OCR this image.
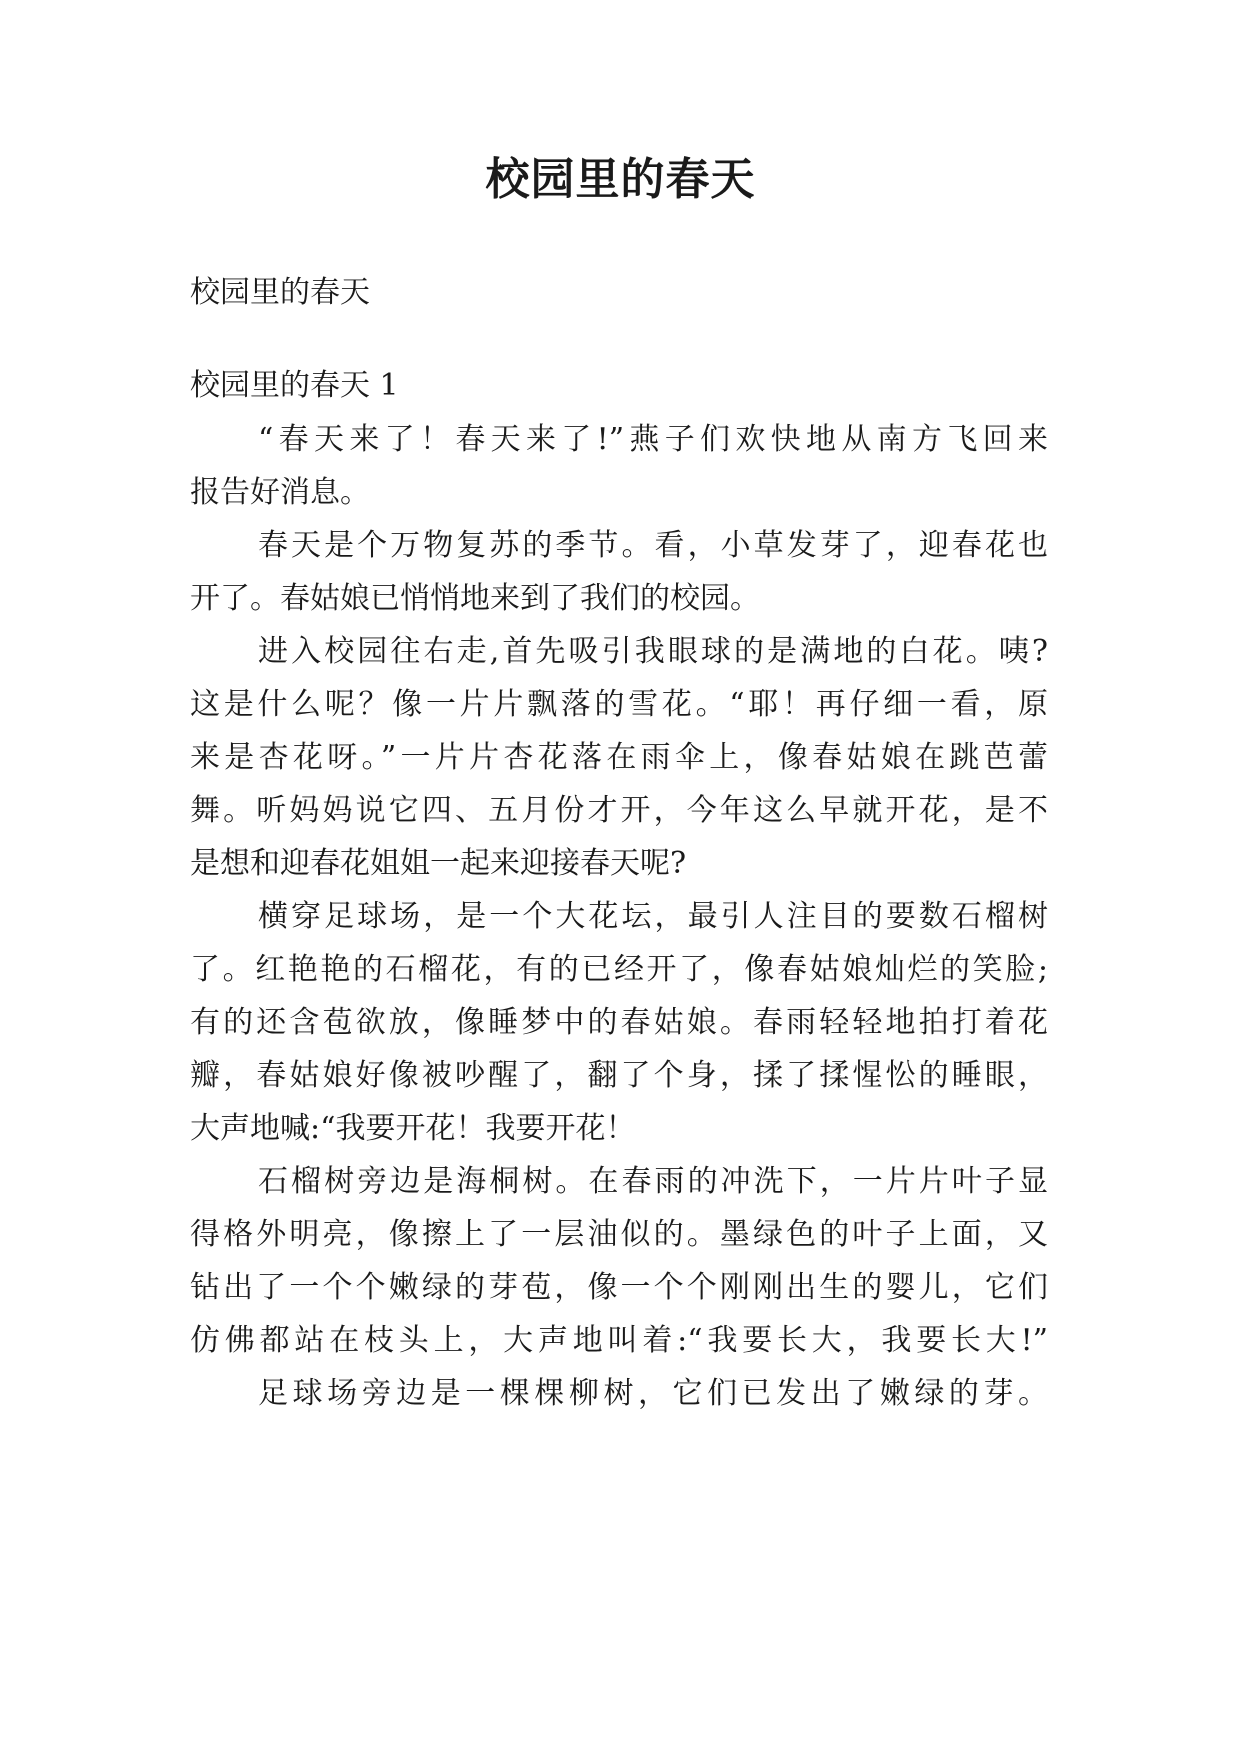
校园里的春天

校园里的春天

校园里的春天 1

“春天来了！春天来了!”燕子们欢快地从南方飞回来

报告好消息。

春天是个万物复苏的季节。看，小草发芽了，迎春花也

开了。春姑娘已悄悄地来到了我们的校园。

进入校园往右走,首先吸引我眼球的是满地的白花。咦?

这是什么呢？像一片片飘落的雪花。“耶！再仔细一看，原

来是杏花呀。”一片片杏花落在雨伞上，像春姑娘在跳芭蕾

舞。听妈妈说它四、五月份才开，今年这么早就开花，是不

是想和迎春花姐姐一起来迎接春天呢?

横穿足球场，是一个大花坛，最引人注目的要数石榴树

了。红艳艳的石榴花，有的已经开了，像春姑娘灿烂的笑脸;

有的还含苞欲放，像睡梦中的春姑娘。春雨轻轻地拍打着花

瓣，春姑娘好像被吵醒了，翻了个身，揉了揉惺忪的睡眼，

大声地喊:“我要开花！我要开花！

石榴树旁边是海桐树。在春雨的冲洗下，一片片叶子显

得格外明亮，像擦上了一层油似的。墨绿色的叶子上面，又

钻出了一个个嫩绿的芽苞，像一个个刚刚出生的婴儿，它们

仿佛都站在枝头上，大声地叫着:“我要长大，我要长大!”

足球场旁边是一棵棵柳树，它们已发出了嫩绿的芽。
